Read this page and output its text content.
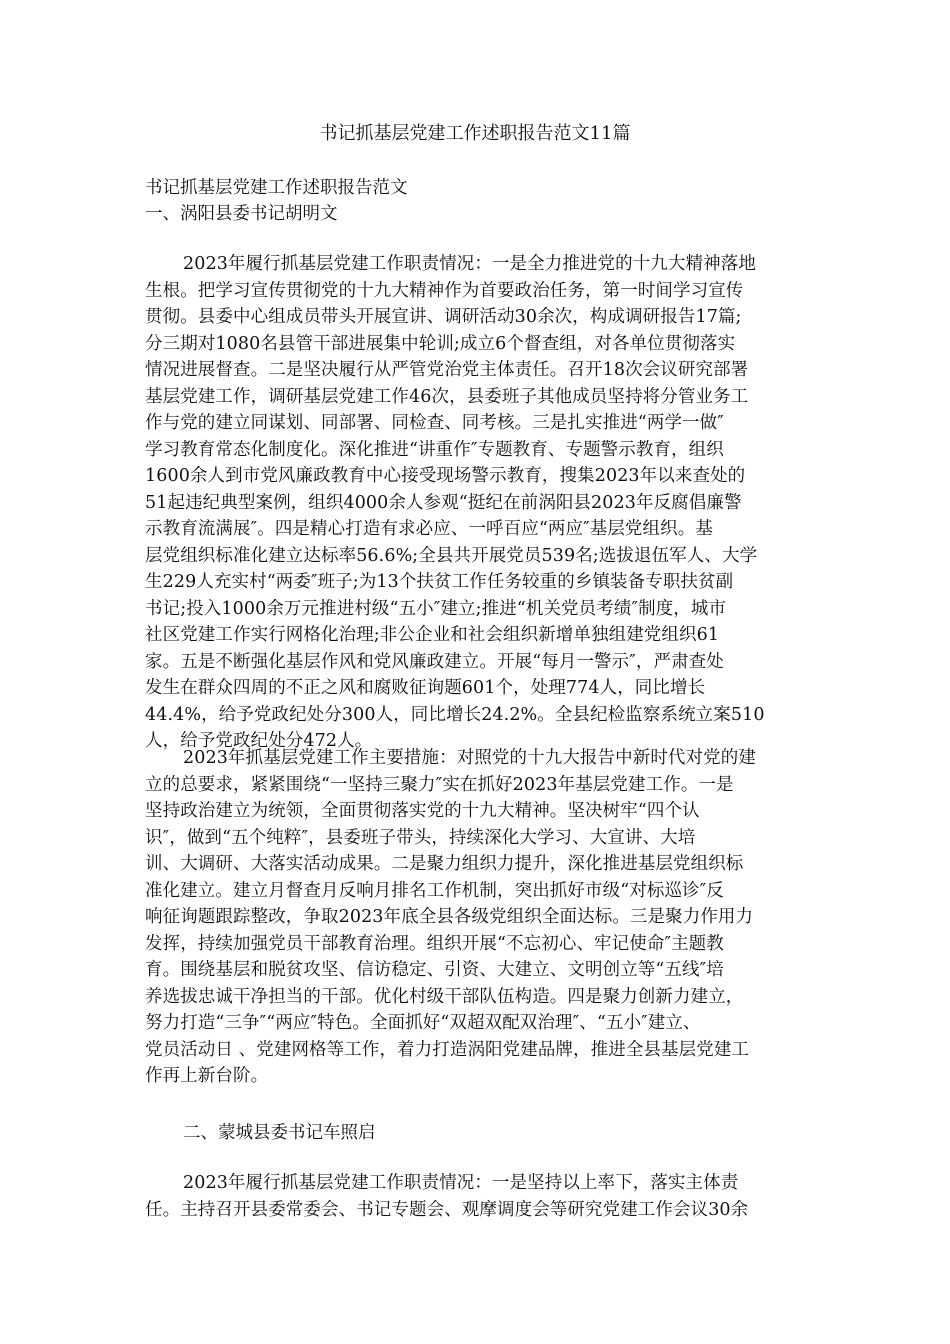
书记抓基层党建工作述职报告范文11篇
书记抓基层党建工作述职报告范文
一、涡阳县委书记胡明文
2023年履行抓基层党建工作职责情况：一是全力推进党的十九大精神落地
生根。把学习宣传贯彻党的十九大精神作为首要政治任务，第一时间学习宣传
贯彻。县委中心组成员带头开展宣讲、调研活动30余次，构成调研报告17篇;
分三期对1080名县管干部进展集中轮训;成立6个督查组，对各单位贯彻落实
情况进展督查。二是坚决履行从严管党治党主体责任。召开18次会议研究部署
基层党建工作，调研基层党建工作46次，县委班子其他成员坚持将分管业务工
作与党的建立同谋划、同部署、同检查、同考核。三是扎实推进“两学一做″
学习教育常态化制度化。深化推进“讲重作″专题教育、专题警示教育，组织
1600余人到市党风廉政教育中心接受现场警示教育，搜集2023年以来查处的
51起违纪典型案例，组织4000余人参观“挺纪在前涡阳县2023年反腐倡廉警
示教育流满展″。四是精心打造有求必应、一呼百应“两应″基层党组织。基
层党组织标准化建立达标率56.6%;全县共开展党员539名;选拔退伍军人、大学
生229人充实村“两委″班子;为13个扶贫工作任务较重的乡镇装备专职扶贫副
书记;投入1000余万元推进村级“五小″建立;推进“机关党员考绩″制度，城市
社区党建工作实行网格化治理;非公企业和社会组织新增单独组建党组织61
家。五是不断强化基层作风和党风廉政建立。开展“每月一警示″，严肃查处
发生在群众四周的不正之风和腐败征询题601个，处理774人，同比增长
44.4%，给予党政纪处分300人，同比增长24.2%。全县纪检监察系统立案510
人，给予党政纪处分472人。
2023年抓基层党建工作主要措施：对照党的十九大报告中新时代对党的建
立的总要求，紧紧围绕“一坚持三聚力″实在抓好2023年基层党建工作。一是
坚持政治建立为统领，全面贯彻落实党的十九大精神。坚决树牢“四个认
识″，做到“五个纯粹″，县委班子带头，持续深化大学习、大宣讲、大培
训、大调研、大落实活动成果。二是聚力组织力提升，深化推进基层党组织标
准化建立。建立月督查月反响月排名工作机制，突出抓好市级“对标巡诊″反
响征询题跟踪整改，争取2023年底全县各级党组织全面达标。三是聚力作用力
发挥，持续加强党员干部教育治理。组织开展“不忘初心、牢记使命″主题教
育。围绕基层和脱贫攻坚、信访稳定、引资、大建立、文明创立等“五线″培
养选拔忠诚干净担当的干部。优化村级干部队伍构造。四是聚力创新力建立，
努力打造“三争″“两应″特色。全面抓好“双超双配双治理″、“五小″建立、
党员活动日 、党建网格等工作，着力打造涡阳党建品牌，推进全县基层党建工
作再上新台阶。
二、蒙城县委书记车照启
2023年履行抓基层党建工作职责情况：一是坚持以上率下，落实主体责
任。主持召开县委常委会、书记专题会、观摩调度会等研究党建工作会议30余
